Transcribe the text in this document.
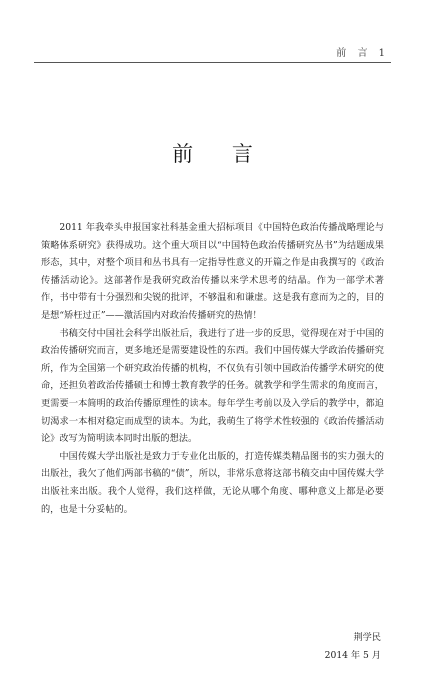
前 言 1
前 言

2011 年我牵头申报国家社科基金重大招标项目《中国特色政治传播战略理论与策略体系研究》获得成功。这个重大项目以“中国特色政治传播研究丛书”为结题成果形态，其中，对整个项目和丛书具有一定指导性意义的开篇之作是由我撰写的《政治传播活动论》。这部著作是我研究政治传播以来学术思考的结晶。作为一部学术著作，书中带有十分强烈和尖锐的批评，不够温和和谦虚。这是我有意而为之的，目的是想“矫枉过正”——激活国内对政治传播研究的热情！

书稿交付中国社会科学出版社后，我进行了进一步的反思，觉得现在对于中国的政治传播研究而言，更多地还是需要建设性的东西。我们中国传媒大学政治传播研究所，作为全国第一个研究政治传播的机构，不仅负有引领中国政治传播学术研究的使命，还担负着政治传播硕士和博士教育教学的任务。就教学和学生需求的角度而言，更需要一本简明的政治传播原理性的读本。每年学生考前以及入学后的教学中，都迫切渴求一本相对稳定而成型的读本。为此，我萌生了将学术性较强的《政治传播活动论》改写为简明读本同时出版的想法。

中国传媒大学出版社是致力于专业化出版的，打造传媒类精品图书的实力强大的出版社，我欠了他们两部书稿的“债”，所以，非常乐意将这部书稿交由中国传媒大学出版社来出版。我个人觉得，我们这样做，无论从哪个角度、哪种意义上都是必要的，也是十分妥帖的。

荆学民
2014 年 5 月
